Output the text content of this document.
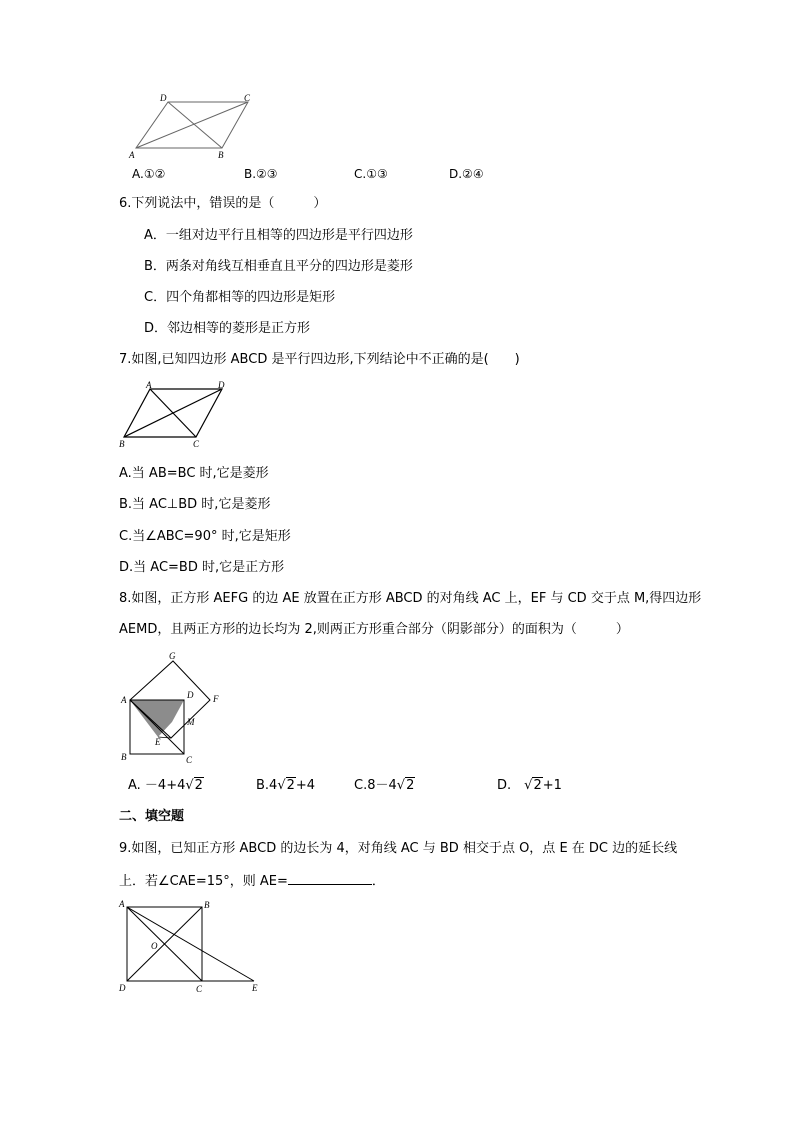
D	C
A	B
A.①②	B.②③	C.①③	D.②④
6.下列说法中，错误的是（　　　）
A．一组对边平行且相等的四边形是平行四边形
B．两条对角线互相垂直且平分的四边形是菱形
C．四个角都相等的四边形是矩形
D．邻边相等的菱形是正方形
7.如图,已知四边形 ABCD 是平行四边形,下列结论中不正确的是(　　)
A	D
B	C
A.当 AB=BC 时,它是菱形
B.当 AC⊥BD 时,它是菱形
C.当∠ABC=90° 时,它是矩形
D.当 AC=BD 时,它是正方形
8.如图，正方形 AEFG 的边 AE 放置在正方形 ABCD 的对角线 AC 上，EF 与 CD 交于点 M,得四边形
AEMD，且两正方形的边长均为 2,则两正方形重合部分（阴影部分）的面积为（　　　）
G
A	D F
M
E
B	C
A. －4+4√2	B.4√2+4	C.8－4√2	D.　√2+1
二、填空题
9.如图，已知正方形 ABCD 的边长为 4，对角线 AC 与 BD 相交于点 O，点 E 在 DC 边的延长线
上．若∠CAE=15°，则 AE=	．
A	B
O
D	C	E
